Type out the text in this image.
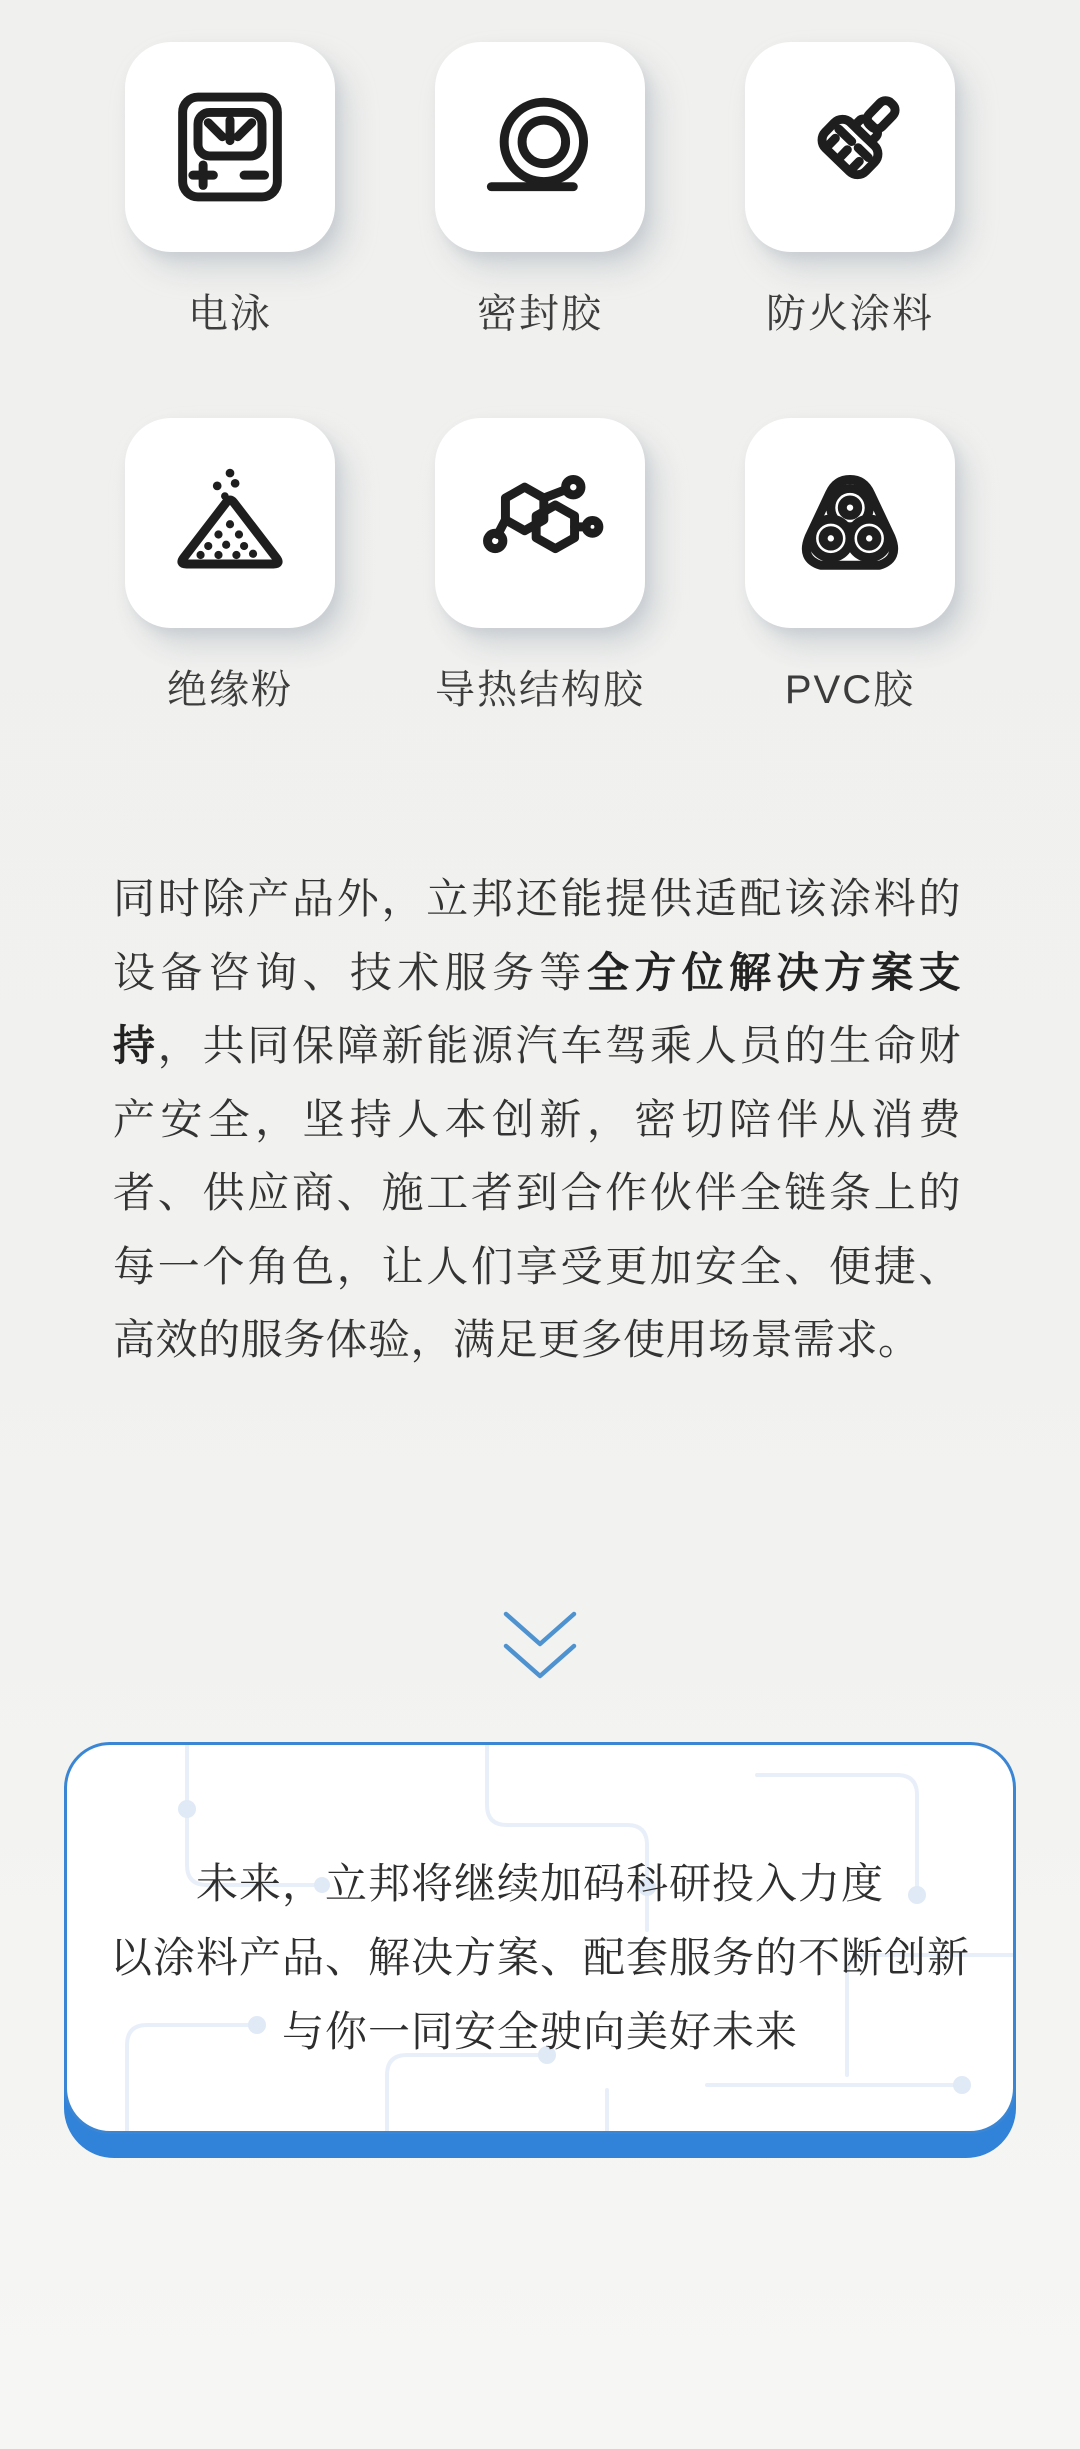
电泳	密封胶	防火涂料
绝缘粉	导热结构胶	PVC胶

同时除产品外，立邦还能提供适配该涂料的设备咨询、技术服务等全方位解决方案支持，共同保障新能源汽车驾乘人员的生命财产安全，坚持人本创新，密切陪伴从消费者、供应商、施工者到合作伙伴全链条上的每一个角色，让人们享受更加安全、便捷、高效的服务体验，满足更多使用场景需求。

未来，立邦将继续加码科研投入力度
以涂料产品、解决方案、配套服务的不断创新
与你一同安全驶向美好未来
